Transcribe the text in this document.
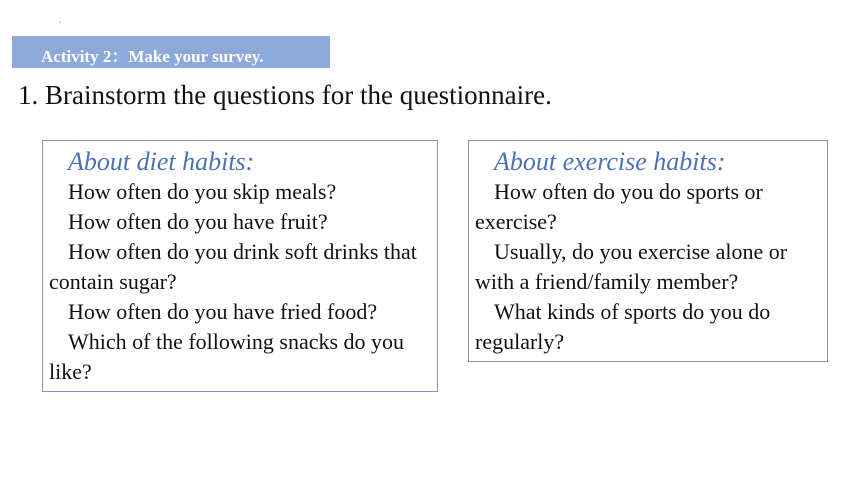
.
Activity 2：Make your survey.
1. Brainstorm the questions for the questionnaire.
About diet habits:

How often do you skip meals?

How often do you have fruit?

How often do you drink soft drinks that contain sugar?

How often do you have fried food?

Which of the following snacks do you like?

About exercise habits:

How often do you do sports or exercise?

Usually, do you exercise alone or with a friend/family member?

What kinds of sports do you do regularly?
